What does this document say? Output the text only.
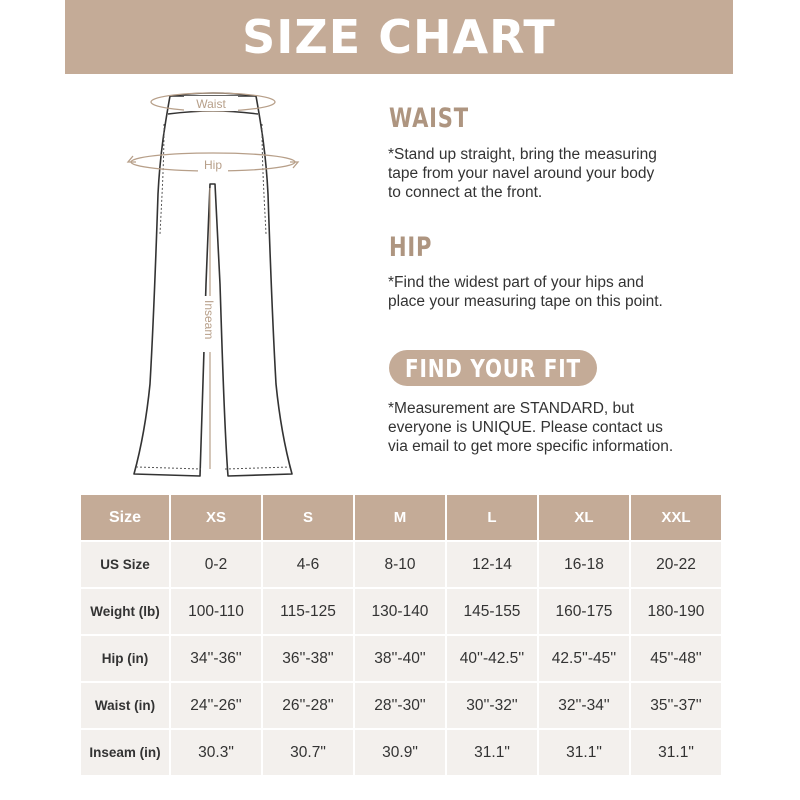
SIZE CHART
Waist
Hip
Inseam
WAIST
*Stand up straight, bring the measuring
tape from your navel around your body
to connect at the front.
HIP
*Find the widest part of your hips and
place your measuring tape on this point.
FIND YOUR FIT
*Measurement are STANDARD, but
everyone is UNIQUE. Please contact us
via email to get more specific information.
Size	XS	S	M	L	XL	XXL
US Size	0-2	4-6	8-10	12-14	16-18	20-22
Weight (lb)	100-110	115-125	130-140	145-155	160-175	180-190
Hip (in)	34''-36''	36''-38''	38''-40''	40''-42.5''	42.5''-45''	45''-48''
Waist (in)	24''-26''	26''-28''	28''-30''	30''-32''	32''-34''	35''-37''
Inseam (in)	30.3"	30.7"	30.9"	31.1"	31.1"	31.1"
